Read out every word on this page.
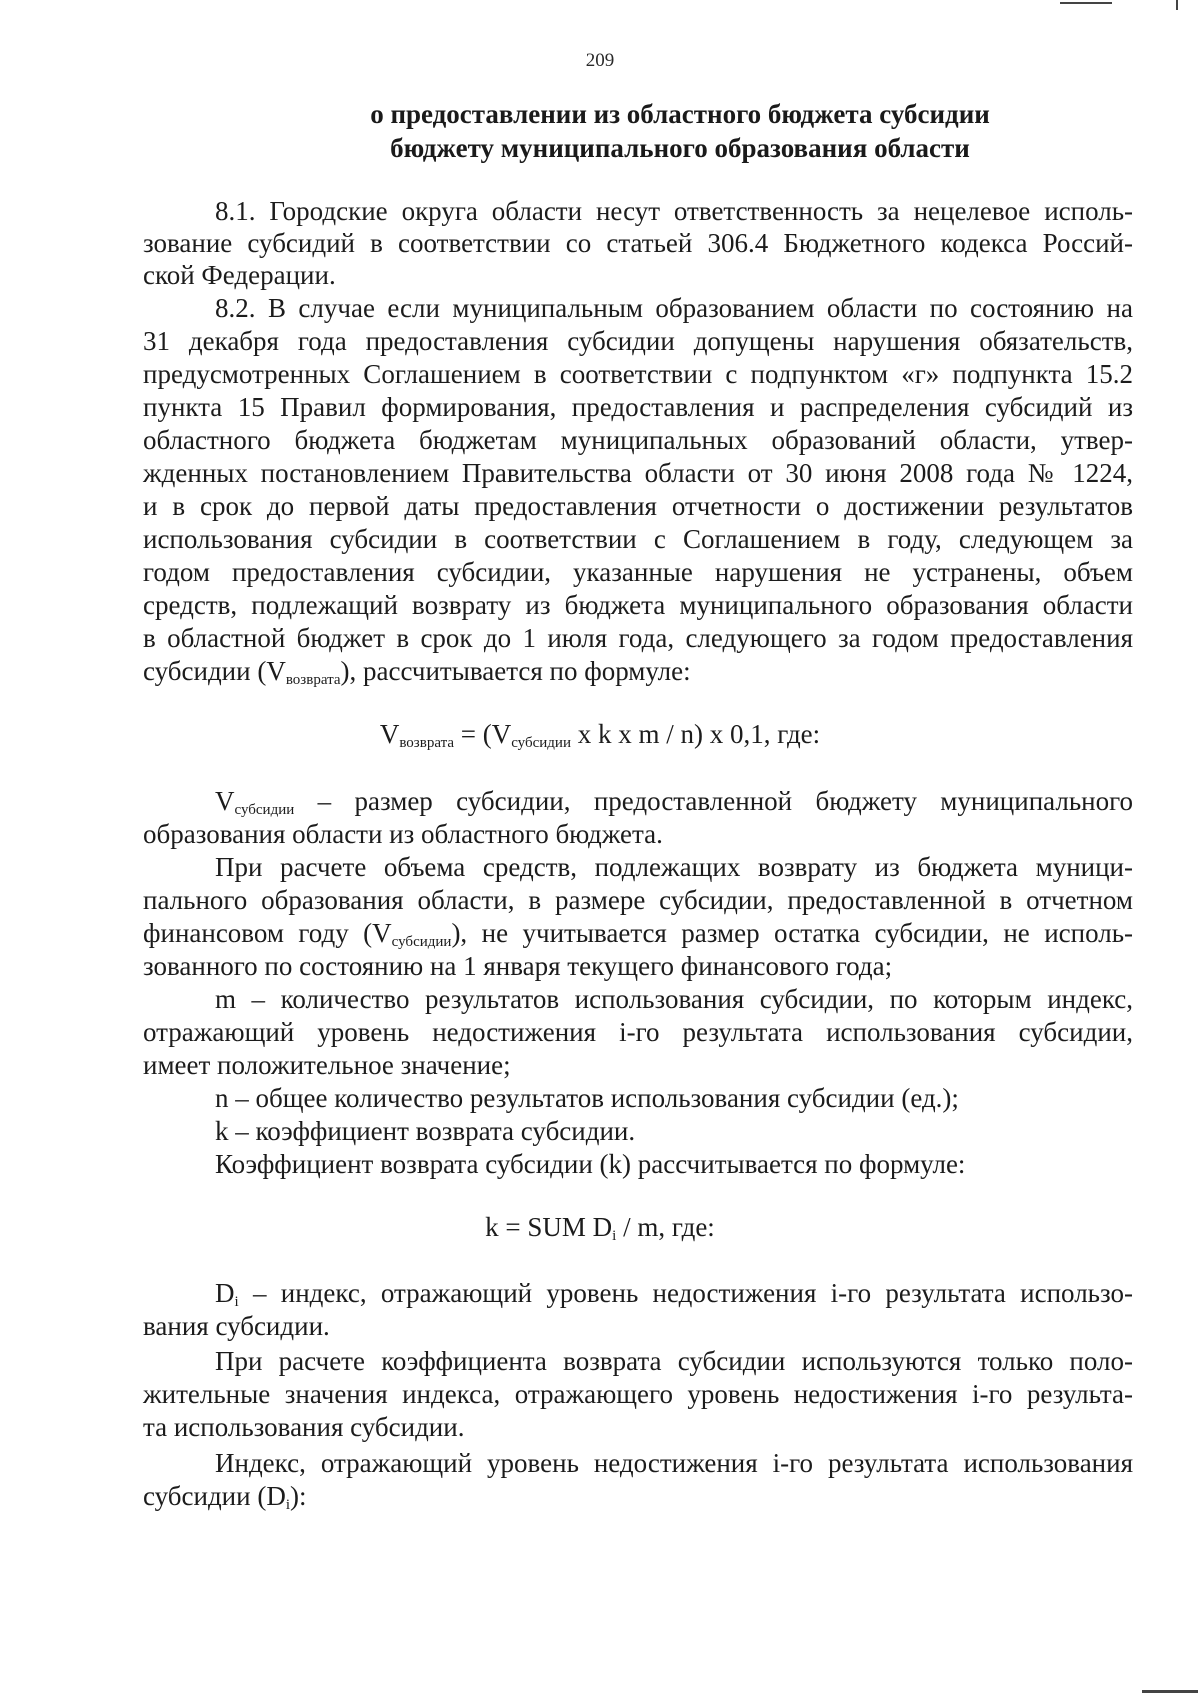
209
о предоставлении из областного бюджета субсидии
бюджету муниципального образования области
8.1. Городские округа области несут ответственность за нецелевое исполь-
зование субсидий в соответствии со статьей 306.4 Бюджетного кодекса Россий-
ской Федерации.
8.2. В случае если муниципальным образованием области по состоянию на
31 декабря года предоставления субсидии допущены нарушения обязательств,
предусмотренных Соглашением в соответствии с подпунктом «г» подпункта 15.2
пункта 15 Правил формирования, предоставления и распределения субсидий из
областного бюджета бюджетам муниципальных образований области, утвер-
жденных постановлением Правительства области от 30 июня 2008 года № 1224,
и в срок до первой даты предоставления отчетности о достижении результатов
использования субсидии в соответствии с Соглашением в году, следующем за
годом предоставления субсидии, указанные нарушения не устранены, объем
средств, подлежащий возврату из бюджета муниципального образования области
в областной бюджет в срок до 1 июля года, следующего за годом предоставления
субсидии $(V_{возврата})$, рассчитывается по формуле:
$V_{возврата} = (V_{субсидии}$ x k x m / n) x 0,1, где:
$V_{субсидии}$ – размер субсидии, предоставленной бюджету муниципального
образования области из областного бюджета.
При расчете объема средств, подлежащих возврату из бюджета муници-
пального образования области, в размере субсидии, предоставленной в отчетном
финансовом году $(V_{субсидии})$, не учитывается размер остатка субсидии, не исполь-
зованного по состоянию на 1 января текущего финансового года;
m – количество результатов использования субсидии, по которым индекс,
отражающий уровень недостижения i-го результата использования субсидии,
имеет положительное значение;
n – общее количество результатов использования субсидии (ед.);
k – коэффициент возврата субсидии.
Коэффициент возврата субсидии (k) рассчитывается по формуле:
k = SUM $D_i$ / m, где:
$D_i$ – индекс, отражающий уровень недостижения i-го результата использо-
вания субсидии.
При расчете коэффициента возврата субсидии используются только поло-
жительные значения индекса, отражающего уровень недостижения i-го результа-
та использования субсидии.
Индекс, отражающий уровень недостижения i-го результата использования
субсидии $(D_i)$:
